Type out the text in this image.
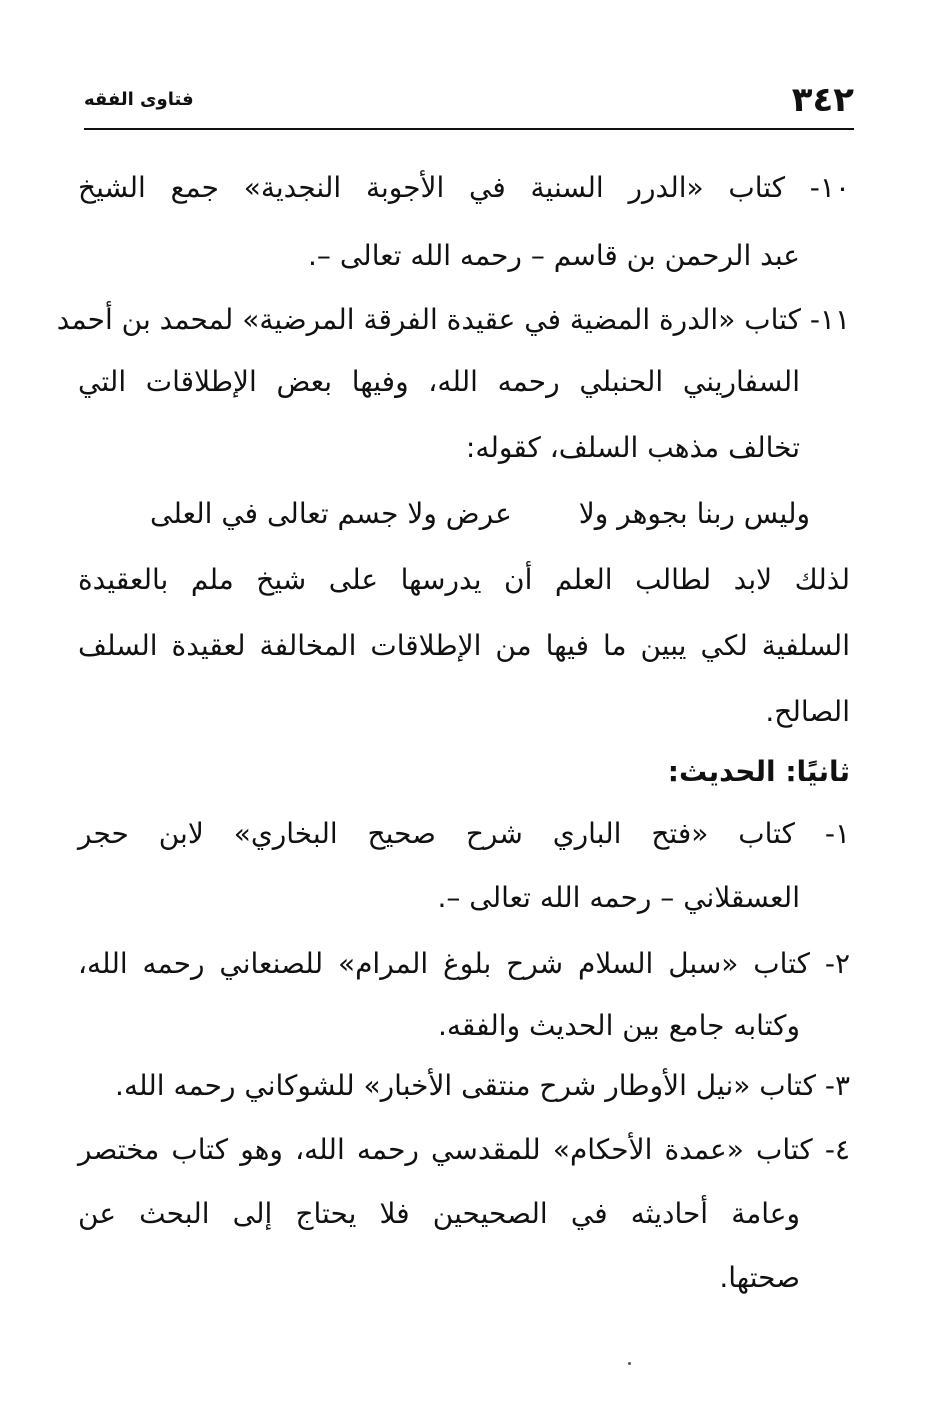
٣٤٢
فتاوى الفقه
١٠- كتاب «الدرر السنية في الأجوبة النجدية» جمع الشيخ
عبد الرحمن بن قاسم – رحمه الله تعالى –.
١١- كتاب «الدرة المضية في عقيدة الفرقة المرضية» لمحمد بن أحمد
السفاريني الحنبلي رحمه الله، وفيها بعض الإطلاقات التي
تخالف مذهب السلف، كقوله:
وليس ربنا بجوهر ولا
عرض ولا جسم تعالى في العلى
لذلك لابد لطالب العلم أن يدرسها على شيخ ملم بالعقيدة
السلفية لكي يبين ما فيها من الإطلاقات المخالفة لعقيدة السلف
الصالح.
ثانيًا: الحديث:
١- كتاب «فتح الباري شرح صحيح البخاري» لابن حجر
العسقلاني – رحمه الله تعالى –.
٢- كتاب «سبل السلام شرح بلوغ المرام» للصنعاني رحمه الله،
وكتابه جامع بين الحديث والفقه.
٣- كتاب «نيل الأوطار شرح منتقى الأخبار» للشوكاني رحمه الله.
٤- كتاب «عمدة الأحكام» للمقدسي رحمه الله، وهو كتاب مختصر
وعامة أحاديثه في الصحيحين فلا يحتاج إلى البحث عن
صحتها.
